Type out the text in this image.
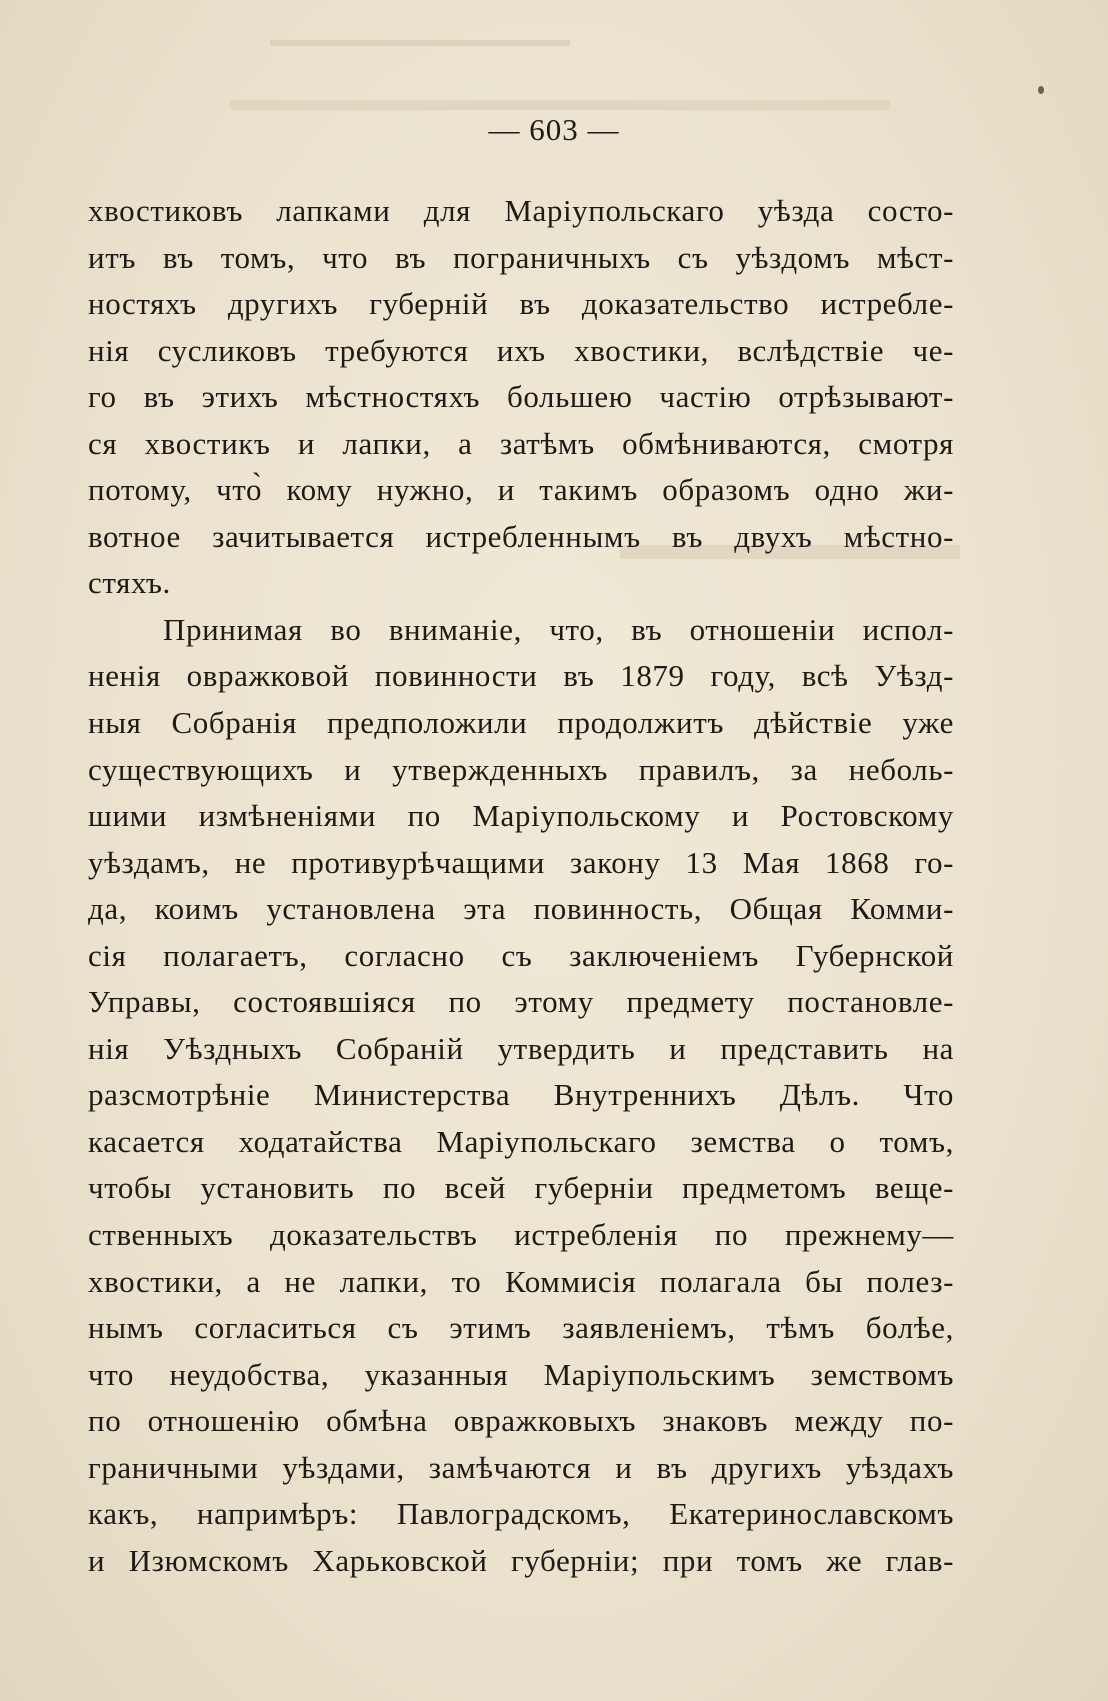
— 603 —
хвостиковъ лапками для Маріупольскаго уѣзда состо-
итъ въ томъ, что въ пограничныхъ съ уѣздомъ мѣст-
ностяхъ другихъ губерній въ доказательство истребле-
нія сусликовъ требуются ихъ хвостики, вслѣдствіе че-
го въ этихъ мѣстностяхъ большею частію отрѣзывают-
ся хвостикъ и лапки, а затѣмъ обмѣниваются, смотря
потому, что̀ кому нужно, и такимъ образомъ одно жи-
вотное зачитывается истребленнымъ въ двухъ мѣстно-
стяхъ.
Принимая во вниманіе, что, въ отношеніи испол-
ненія овражковой повинности въ 1879 году, всѣ Уѣзд-
ныя Собранія предположили продолжитъ дѣйствіе уже
существующихъ и утвержденныхъ правилъ, за неболь-
шими измѣненіями по Маріупольскому и Ростовскому
уѣздамъ, не противурѣчащими закону 13 Мая 1868 го-
да, коимъ установлена эта повинность, Общая Комми-
сія полагаетъ, согласно съ заключеніемъ Губернской
Управы, состоявшіяся по этому предмету постановле-
нія Уѣздныхъ Собраній утвердить и представить на
разсмотрѣніе Министерства Внутреннихъ Дѣлъ. Что
касается ходатайства Маріупольскаго земства о томъ,
чтобы установить по всей губерніи предметомъ веще-
ственныхъ доказательствъ истребленія по прежнему—
хвостики, а не лапки, то Коммисія полагала бы полез-
нымъ согласиться съ этимъ заявленіемъ, тѣмъ болѣе,
что неудобства, указанныя Маріупольскимъ земствомъ
по отношенію обмѣна овражковыхъ знаковъ между по-
граничными уѣздами, замѣчаются и въ другихъ уѣздахъ
какъ, напримѣръ: Павлоградскомъ, Екатеринославскомъ
и Изюмскомъ Харьковской губерніи; при томъ же глав-
